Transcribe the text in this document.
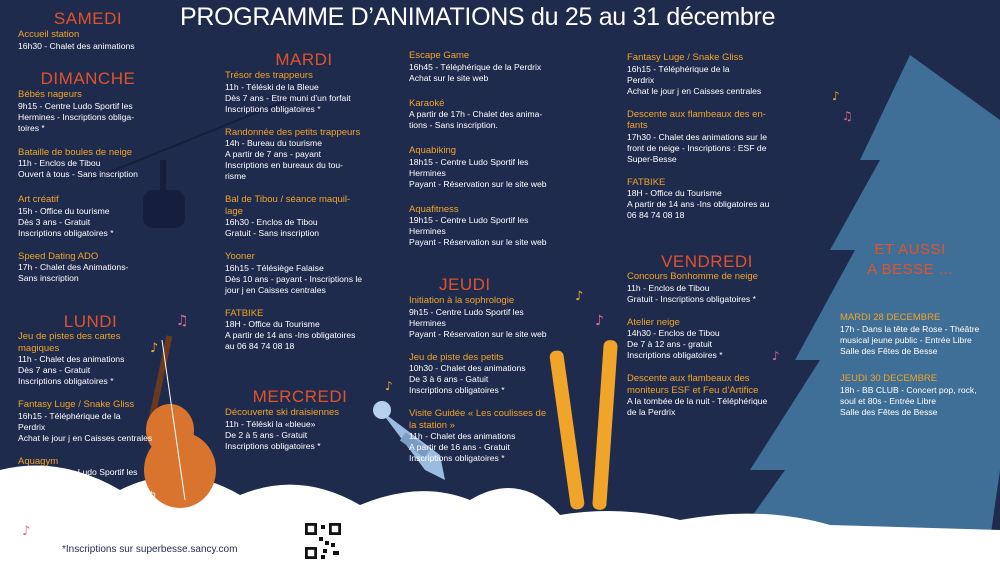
♫
♫
♪
♪
♪
♪
♪
♪
♪
PROGRAMME D’ANIMATIONS du 25 au 31 décembre
SAMEDI
Accueil station
16h30 - Chalet des animations
DIMANCHE
Bébés nageurs
9h15 - Centre Ludo Sportif les
Hermines - Inscriptions obliga-
toires *
Bataille de boules de neige
11h - Enclos de Tibou
Ouvert à tous - Sans inscription
Art créatif
15h - Office du tourisme
Dès 3 ans - Gratuit
Inscriptions obligatoires *
Speed Dating ADO
17h - Chalet des Animations-
Sans inscription
LUNDI
Jeu de pistes des cartes magiques
11h - Chalet des animations
Dès 7 ans - Gratuit
Inscriptions obligatoires *
Fantasy Luge / Snake Gliss
16h15 - Téléphérique de la
Perdrix
Achat le jour j en Caisses centrales
Aquagym
19h15 - Centre Ludo Sportif les
Hermines
Payant - Réservation sur le site web
MARDI
Trésor des trappeurs
11h - Téléski de la Bleue
Dès 7 ans - Etre muni d’un forfait
Inscriptions obligatoires *
Randonnée des petits trappeurs
14h - Bureau du tourisme
A partir de 7 ans - payant
Inscriptions en bureaux du tou-
risme
Bal de Tibou / séance maquil-lage
16h30 - Enclos de Tibou
Gratuit - Sans inscription
Yooner
16h15 - Télésiège Falaise
Dès 10 ans - payant - Inscriptions le
jour j en Caisses centrales
FATBIKE
18H - Office du Tourisme
A partir de 14 ans -Ins obligatoires
au 06 84 74 08 18
MERCREDI
Découverte ski draisiennes
11h - Téléski la «bleue»
De 2 à 5 ans - Gratuit
Inscriptions obligatoires *
Escape Game
16h45 - Téléphérique de la Perdrix
Achat sur le site web
Karaoké
A partir de 17h - Chalet des anima-
tions - Sans inscription.
Aquabiking
18h15 - Centre Ludo Sportif les
Hermines
Payant - Réservation sur le site web
Aquafitness
19h15 - Centre Ludo Sportif les
Hermines
Payant - Réservation sur le site web
JEUDI
Initiation à la sophrologie
9h15 - Centre Ludo Sportif les
Hermines
Payant - Réservation sur le site web
Jeu de piste des petits
10h30 - Chalet des animations
De 3 à 6 ans - Gatuit
Inscriptions obligatoires *
Visite Guidée « Les coulisses de la station »
11h - Chalet des animations
A partir de 16 ans - Gratuit
Inscriptions obligatoires *
Fantasy Luge / Snake Gliss
16h15 - Téléphérique de la
Perdrix
Achat le jour j en Caisses centrales
Descente aux flambeaux des en-fants
17h30 - Chalet des animations sur le
front de neige - Inscriptions : ESF de
Super-Besse
FATBIKE
18H - Office du Tourisme
A partir de 14 ans -Ins obligatoires au
06 84 74 08 18
VENDREDI
Concours Bonhomme de neige
11h - Enclos de Tibou
Gratuit - Inscriptions obligatoires *
Atelier neige
14h30 - Enclos de Tibou
De 7 à 12 ans - gratuit
Inscriptions obligatoires *
Descente aux flambeaux des moniteurs ESF et Feu d’Artifice
A la tombée de la nuit - Téléphérique
de la Perdrix
ET AUSSI
A BESSE ...
MARDI 28 DECEMBRE
17h - Dans la tête de Rose - Théâtre
musical jeune public - Entrée Libre
Salle des Fêtes de Besse
JEUDI 30 DECEMBRE
18h - BB CLUB - Concert pop, rock,
soul et 80s - Entrée Libre
Salle des Fêtes de Besse
*Inscriptions sur superbesse.sancy.com
